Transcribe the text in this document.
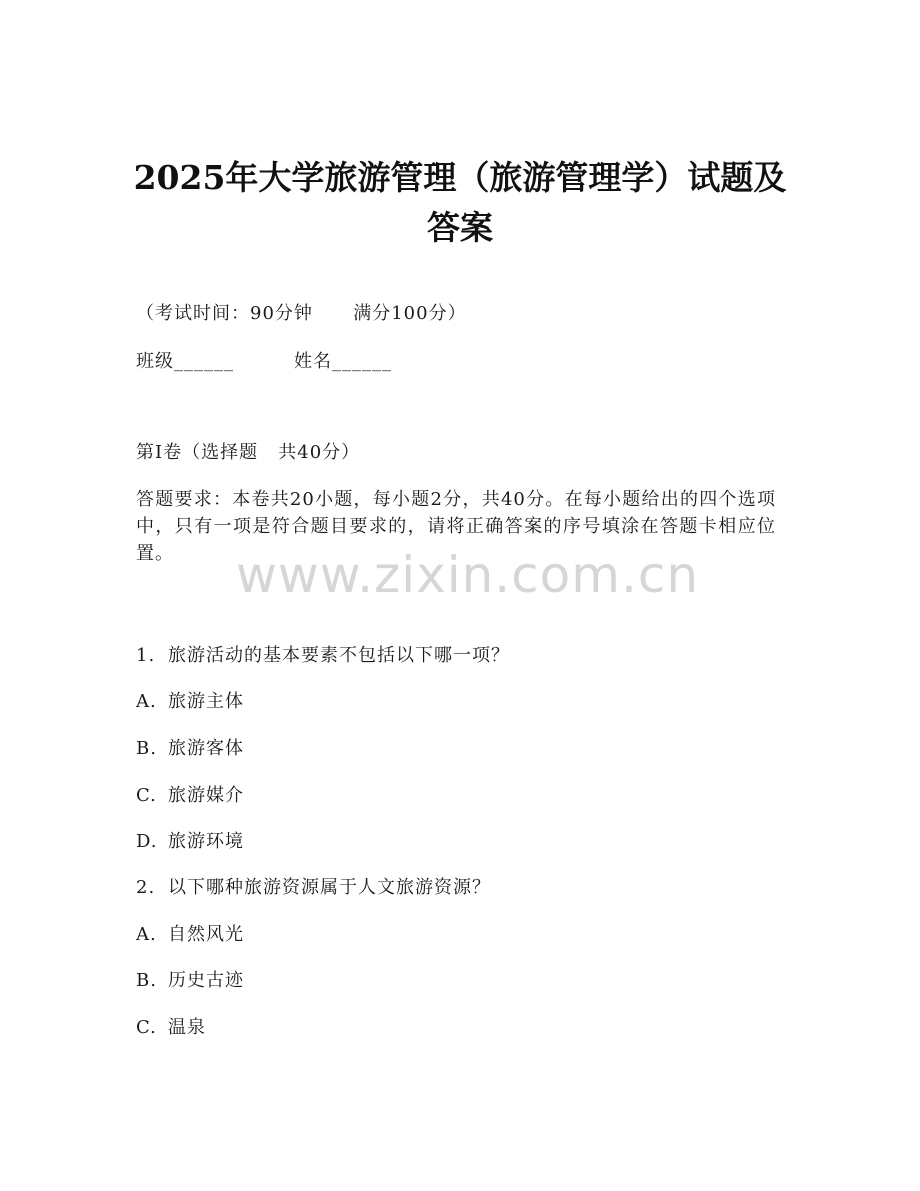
2025年大学旅游管理（旅游管理学）试题及
答案
（考试时间：90分钟      满分100分）
班级______	姓名______
第I卷（选择题   共40分）
答题要求：本卷共20小题，每小题2分，共40分。在每小题给出的四个选项中，只有一项是符合题目要求的，请将正确答案的序号填涂在答题卡相应位置。	www.zixin.com.cn
1. 旅游活动的基本要素不包括以下哪一项？
A. 旅游主体
B. 旅游客体
C. 旅游媒介
D. 旅游环境
2. 以下哪种旅游资源属于人文旅游资源？
A. 自然风光
B. 历史古迹
C. 温泉
